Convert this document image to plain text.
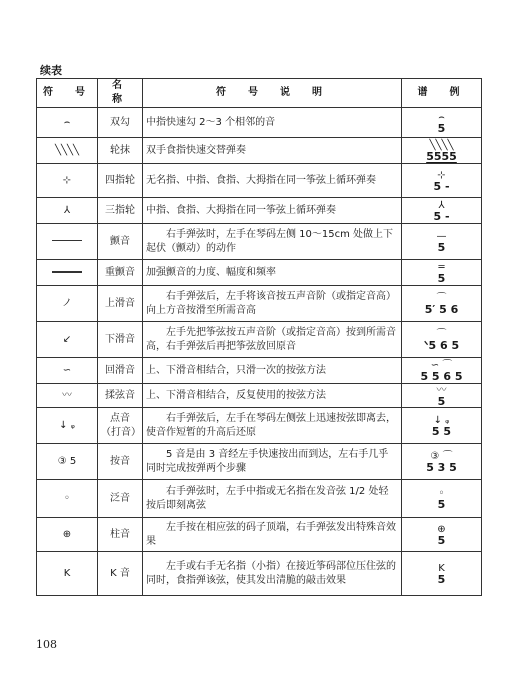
续表
符　号	名　称	符　号　说　明	谱　例
⌢	双勾	中指快速勾 2～3 个相邻的音	⌢
5

╲╲╲╲	轮抹	双手食指快速交替弹奏	╲╲╲╲
5555

⊹	四指轮	无名指、中指、食指、大拇指在同一筝弦上循环弹奏	⊹
5 -

⅄	三指轮	中指、食指、大拇指在同一筝弦上循环弹奏	⅄
5 -

	颤音	右手弹弦时，左手在琴码左侧 10～15cm 处做上下起伏（颤动）的动作	—
5

	重颤音	加强颤音的力度、幅度和频率	═
5

ノ	上滑音	右手弹弦后，左手将该音按五声音阶（或指定音高）向上方音按滑至所需音高	⌒
5′ 5 6

↙	下滑音	左手先把筝弦按五声音阶（或指定音高）按到所需音高，右手弹弦后再把筝弦放回原音	⌒
ᐠ5 6 5

∽	回滑音	上、下滑音相结合，只滑一次的按弦方法	∽ ⌒
5 5 6 5

〰	揉弦音	上、下滑音相结合，反复使用的按弦方法	〰
5

↓ ᵩ	点音（打音）	右手弹弦后，左手在琴码左侧弦上迅速按弦即离去，使音作短暂的升高后还原	↓ ᵩ
5 5

③ 5	按音	5 音是由 3 音经左手快速按出而到达，左右手几乎同时完成按弹两个步骤	③ ⌒
5 3 5

◦	泛音	右手弹弦时，左手中指或无名指在发音弦 1/2 处轻按后即刻离弦	◦
5

⊕	柱音	左手按在相应弦的码子顶端，右手弹弦发出特殊音效果	⊕
5

K	K 音	左手或右手无名指（小指）在接近筝码部位压住弦的同时，食指弹该弦，使其发出清脆的敲击效果	K
5
108
